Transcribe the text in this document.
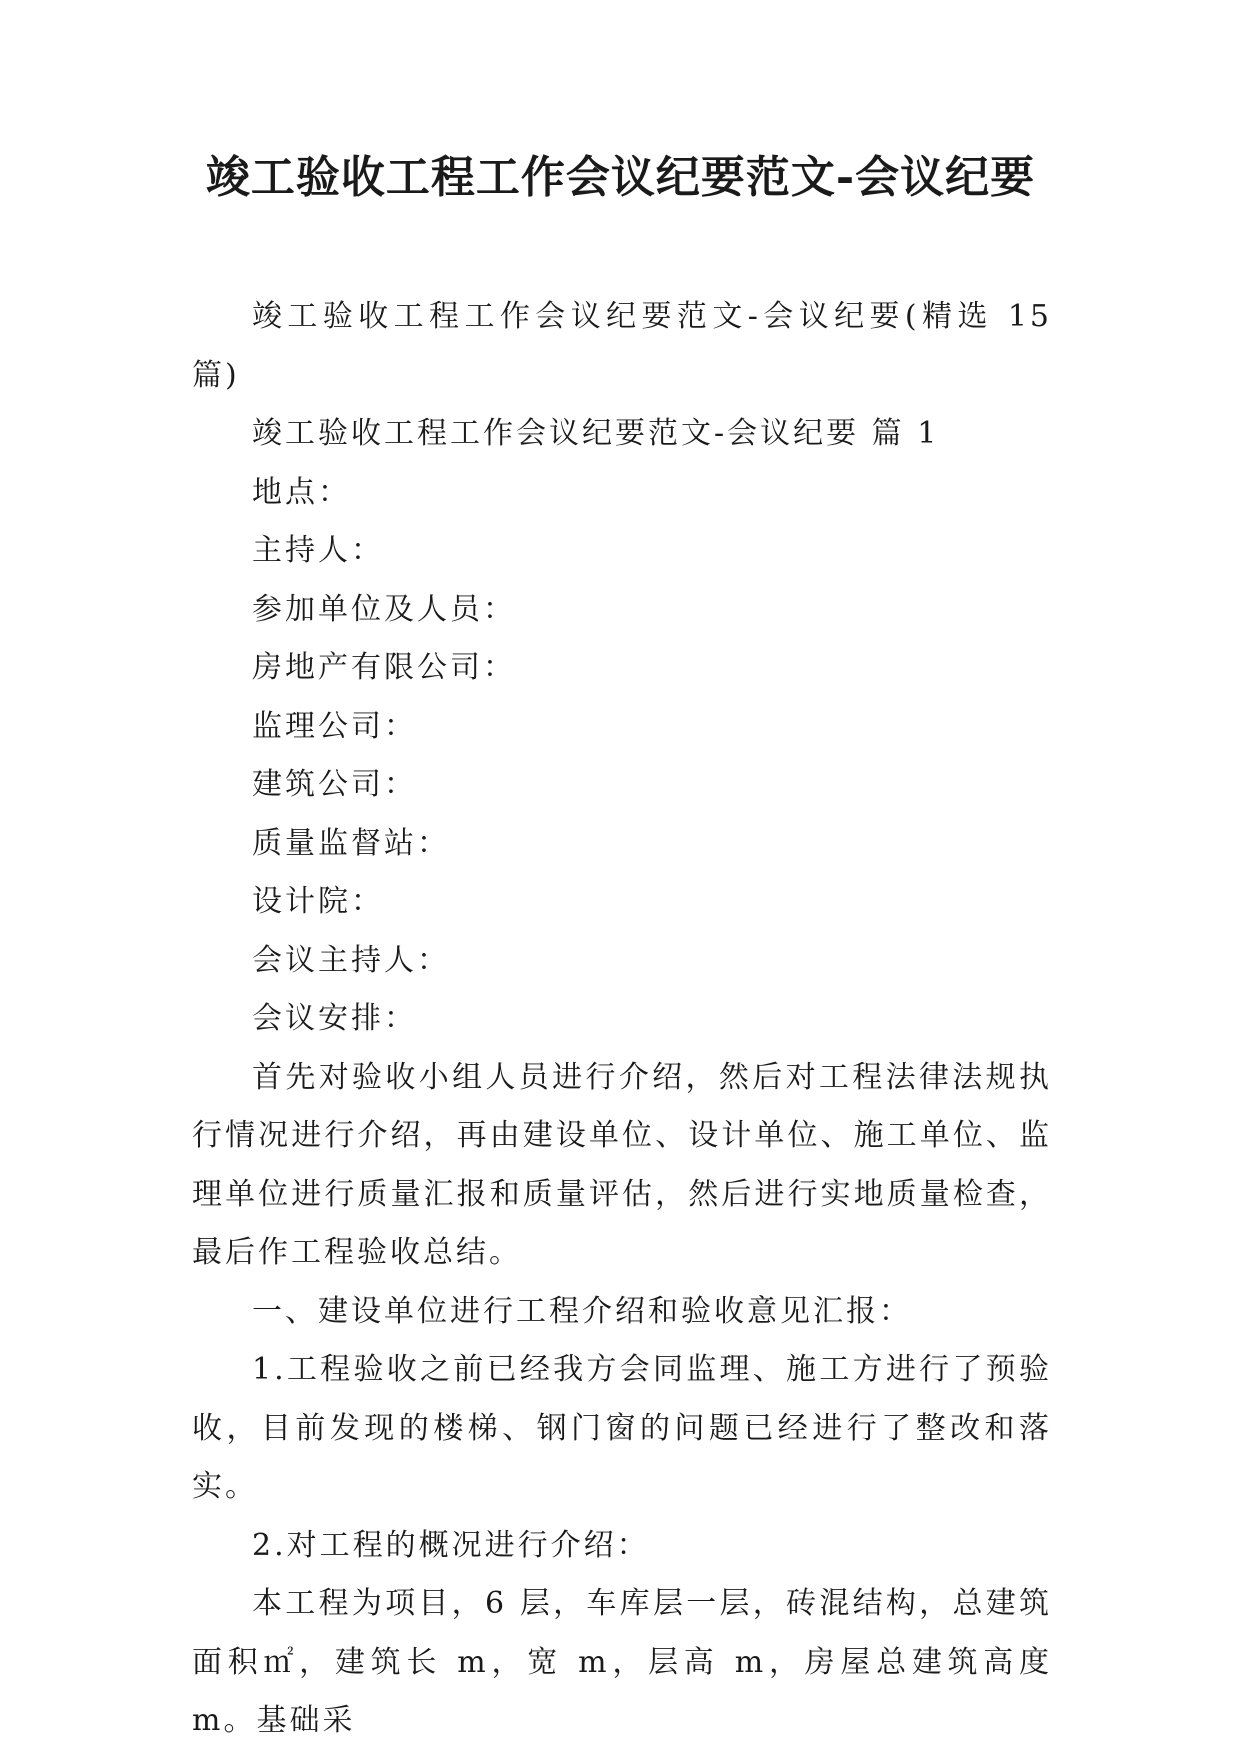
竣工验收工程工作会议纪要范文-会议纪要

竣工验收工程工作会议纪要范文-会议纪要(精选 15 篇)

竣工验收工程工作会议纪要范文-会议纪要 篇 1

地点：

主持人：

参加单位及人员：

房地产有限公司：

监理公司：

建筑公司：

质量监督站：

设计院：

会议主持人：

会议安排：

首先对验收小组人员进行介绍，然后对工程法律法规执行情况进行介绍，再由建设单位、设计单位、施工单位、监理单位进行质量汇报和质量评估，然后进行实地质量检查，最后作工程验收总结。

一、建设单位进行工程介绍和验收意见汇报：

1.工程验收之前已经我方会同监理、施工方进行了预验收，目前发现的楼梯、钢门窗的问题已经进行了整改和落实。

2.对工程的概况进行介绍：

本工程为项目，6 层，车库层一层，砖混结构，总建筑面积㎡，建筑长 m，宽 m，层高 m，房屋总建筑高度 m。基础采
